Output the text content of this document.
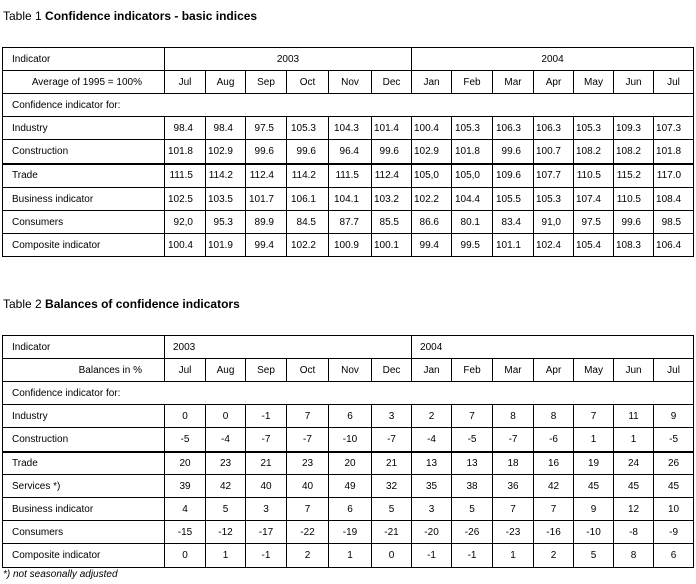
Table 1 Confidence indicators - basic indices
Indicator	2003						2004						
Average of 1995 = 100%	Jul	Aug	Sep	Oct	Nov	Dec	Jan	Feb	Mar	Apr	May	Jun	Jul
Confidence indicator for:													
Industry	98.4	98.4	97.5	105.3	104.3	101.4	100.4	105.3	106.3	106.3	105.3	109.3	107.3
Construction	101.8	102.9	99.6	99.6	96.4	99.6	102.9	101.8	99.6	100.7	108.2	108.2	101.8
Trade	111.5	114.2	112.4	114.2	111.5	112.4	105,0	105,0	109.6	107.7	110.5	115.2	117.0
Business indicator	102.5	103.5	101.7	106.1	104.1	103.2	102.2	104.4	105.5	105.3	107.4	110.5	108.4
Consumers	92,0	95.3	89.9	84.5	87.7	85.5	86.6	80.1	83.4	91,0	97.5	99.6	98.5
Composite indicator	100.4	101.9	99.4	102.2	100.9	100.1	99.4	99.5	101.1	102.4	105.4	108.3	106.4
Table 2 Balances of confidence indicators
Indicator	2003						2004						
Balances in %	Jul	Aug	Sep	Oct	Nov	Dec	Jan	Feb	Mar	Apr	May	Jun	Jul
Confidence indicator for:													
Industry	0	0	-1	7	6	3	2	7	8	8	7	11	9
Construction	-5	-4	-7	-7	-10	-7	-4	-5	-7	-6	1	1	-5
Trade	20	23	21	23	20	21	13	13	18	16	19	24	26
Services *)	39	42	40	40	49	32	35	38	36	42	45	45	45
Business indicator	4	5	3	7	6	5	3	5	7	7	9	12	10
Consumers	-15	-12	-17	-22	-19	-21	-20	-26	-23	-16	-10	-8	-9
Composite indicator	0	1	-1	2	1	0	-1	-1	1	2	5	8	6
*) not seasonally adjusted
